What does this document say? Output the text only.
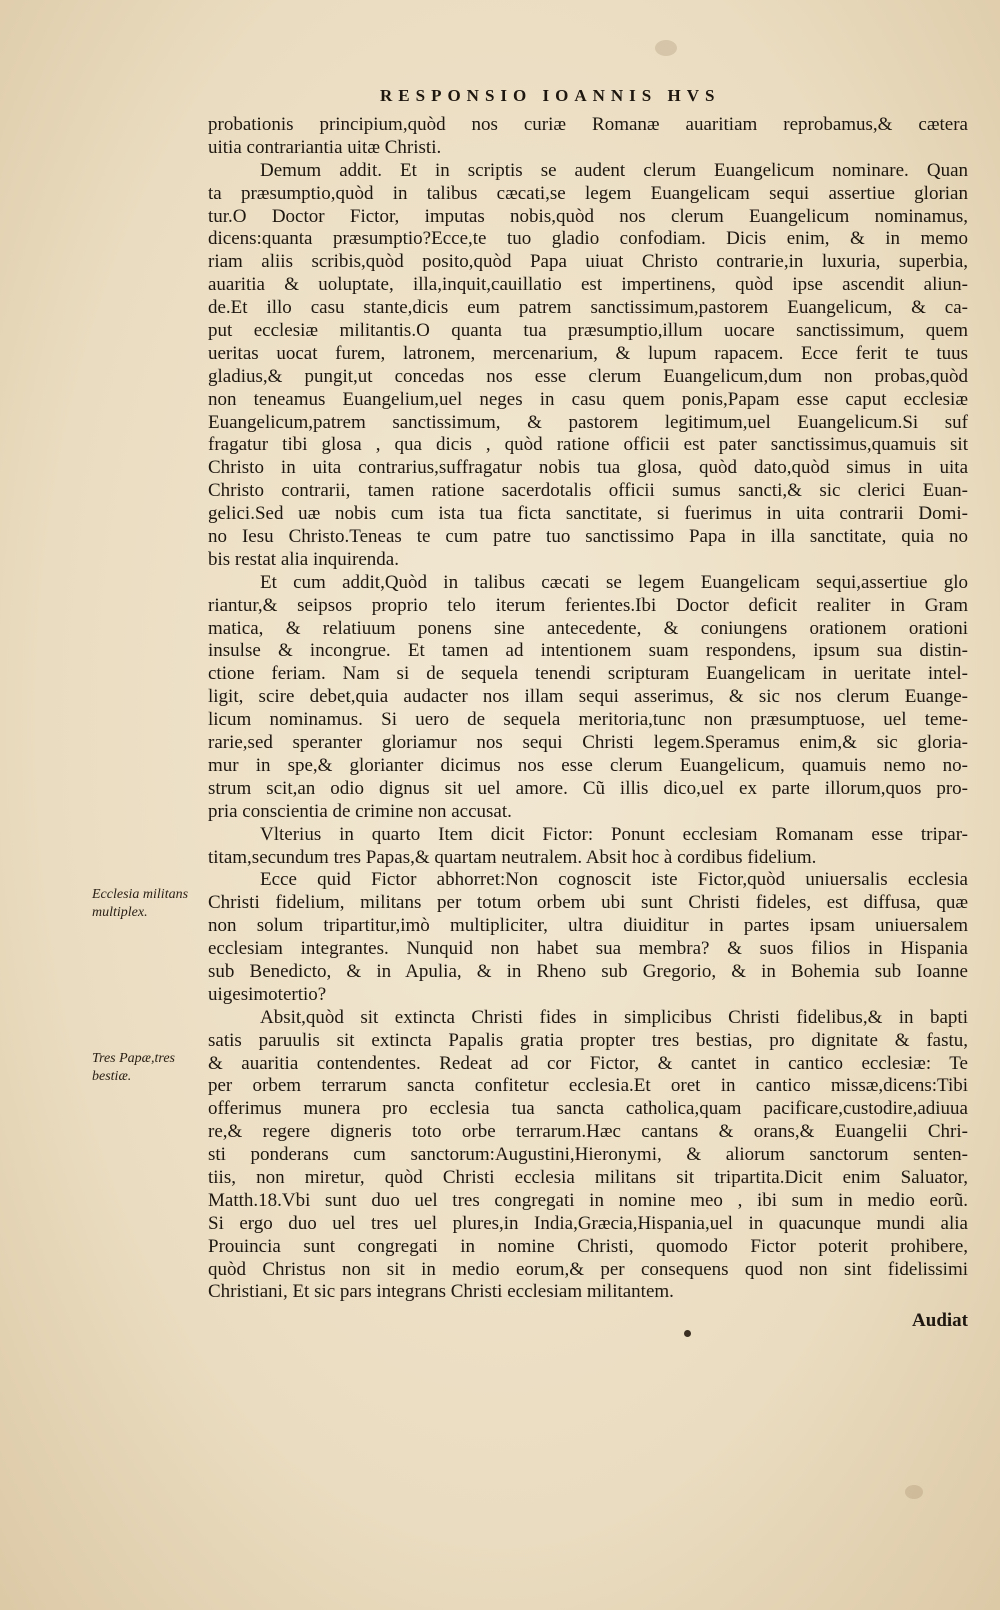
RESPONSIO IOANNIS HVS
probationis principium,quòd nos curiæ Romanæ auaritiam reprobamus,& cætera
uitia contrariantia uitæ Christi.
Demum addit. Et in scriptis se audent clerum Euangelicum nominare. Quan
ta præsumptio,quòd in talibus cæcati,se legem Euangelicam sequi assertiue glorian
tur.O Doctor Fictor, imputas nobis,quòd nos clerum Euangelicum nominamus,
dicens:quanta præsumptio?Ecce,te tuo gladio confodiam. Dicis enim, & in memo
riam aliis scribis,quòd posito,quòd Papa uiuat Christo contrarie,in luxuria, superbia,
auaritia & uoluptate, illa,inquit,cauillatio est impertinens, quòd ipse ascendit aliun-
de.Et illo casu stante,dicis eum patrem sanctissimum,pastorem Euangelicum, & ca-
put ecclesiæ militantis.O quanta tua præsumptio,illum uocare sanctissimum, quem
ueritas uocat furem, latronem, mercenarium, & lupum rapacem. Ecce ferit te tuus
gladius,& pungit,ut concedas nos esse clerum Euangelicum,dum non probas,quòd
non teneamus Euangelium,uel neges in casu quem ponis,Papam esse caput ecclesiæ
Euangelicum,patrem sanctissimum, & pastorem legitimum,uel Euangelicum.Si suf
fragatur tibi glosa , qua dicis , quòd ratione officii est pater sanctissimus,quamuis sit
Christo in uita contrarius,suffragatur nobis tua glosa, quòd dato,quòd simus in uita
Christo contrarii, tamen ratione sacerdotalis officii sumus sancti,& sic clerici Euan-
gelici.Sed uæ nobis cum ista tua ficta sanctitate, si fuerimus in uita contrarii Domi-
no Iesu Christo.Teneas te cum patre tuo sanctissimo Papa in illa sanctitate, quia no
bis restat alia inquirenda.
Et cum addit,Quòd in talibus cæcati se legem Euangelicam sequi,assertiue glo
riantur,& seipsos proprio telo iterum ferientes.Ibi Doctor deficit realiter in Gram
matica, & relatiuum ponens sine antecedente, & coniungens orationem orationi
insulse & incongrue. Et tamen ad intentionem suam respondens, ipsum sua distin-
ctione feriam. Nam si de sequela tenendi scripturam Euangelicam in ueritate intel-
ligit, scire debet,quia audacter nos illam sequi asserimus, & sic nos clerum Euange-
licum nominamus. Si uero de sequela meritoria,tunc non præsumptuose, uel teme-
rarie,sed speranter gloriamur nos sequi Christi legem.Speramus enim,& sic gloria-
mur in spe,& glorianter dicimus nos esse clerum Euangelicum, quamuis nemo no-
strum scit,an odio dignus sit uel amore. Cũ illis dico,uel ex parte illorum,quos pro-
pria conscientia de crimine non accusat.
Vlterius in quarto Item dicit Fictor: Ponunt ecclesiam Romanam esse tripar-
titam,secundum tres Papas,& quartam neutralem. Absit hoc à cordibus fidelium.
Ecce quid Fictor abhorret:Non cognoscit iste Fictor,quòd uniuersalis ecclesia
Christi fidelium, militans per totum orbem ubi sunt Christi fideles, est diffusa, quæ
non solum tripartitur,imò multipliciter, ultra diuiditur in partes ipsam uniuersalem
ecclesiam integrantes. Nunquid non habet sua membra? & suos filios in Hispania
sub Benedicto, & in Apulia, & in Rheno sub Gregorio, & in Bohemia sub Ioanne
uigesimotertio?
Absit,quòd sit extincta Christi fides in simplicibus Christi fidelibus,& in bapti
satis paruulis sit extincta Papalis gratia propter tres bestias, pro dignitate & fastu,
& auaritia contendentes. Redeat ad cor Fictor, & cantet in cantico ecclesiæ: Te
per orbem terrarum sancta confitetur ecclesia.Et oret in cantico missæ,dicens:Tibi
offerimus munera pro ecclesia tua sancta catholica,quam pacificare,custodire,adiuua
re,& regere digneris toto orbe terrarum.Hæc cantans & orans,& Euangelii Chri-
sti ponderans cum sanctorum:Augustini,Hieronymi, & aliorum sanctorum senten-
tiis, non miretur, quòd Christi ecclesia militans sit tripartita.Dicit enim Saluator,
Matth.18.Vbi sunt duo uel tres congregati in nomine meo , ibi sum in medio eorũ.
Si ergo duo uel tres uel plures,in India,Græcia,Hispania,uel in quacunque mundi alia
Prouincia sunt congregati in nomine Christi, quomodo Fictor poterit prohibere,
quòd Christus non sit in medio eorum,& per consequens quod non sint fidelissimi
Christiani, Et sic pars integrans Christi ecclesiam militantem.
Audiat
Ecclesia militans
multiplex.
Tres Papæ,tres
bestiæ.
